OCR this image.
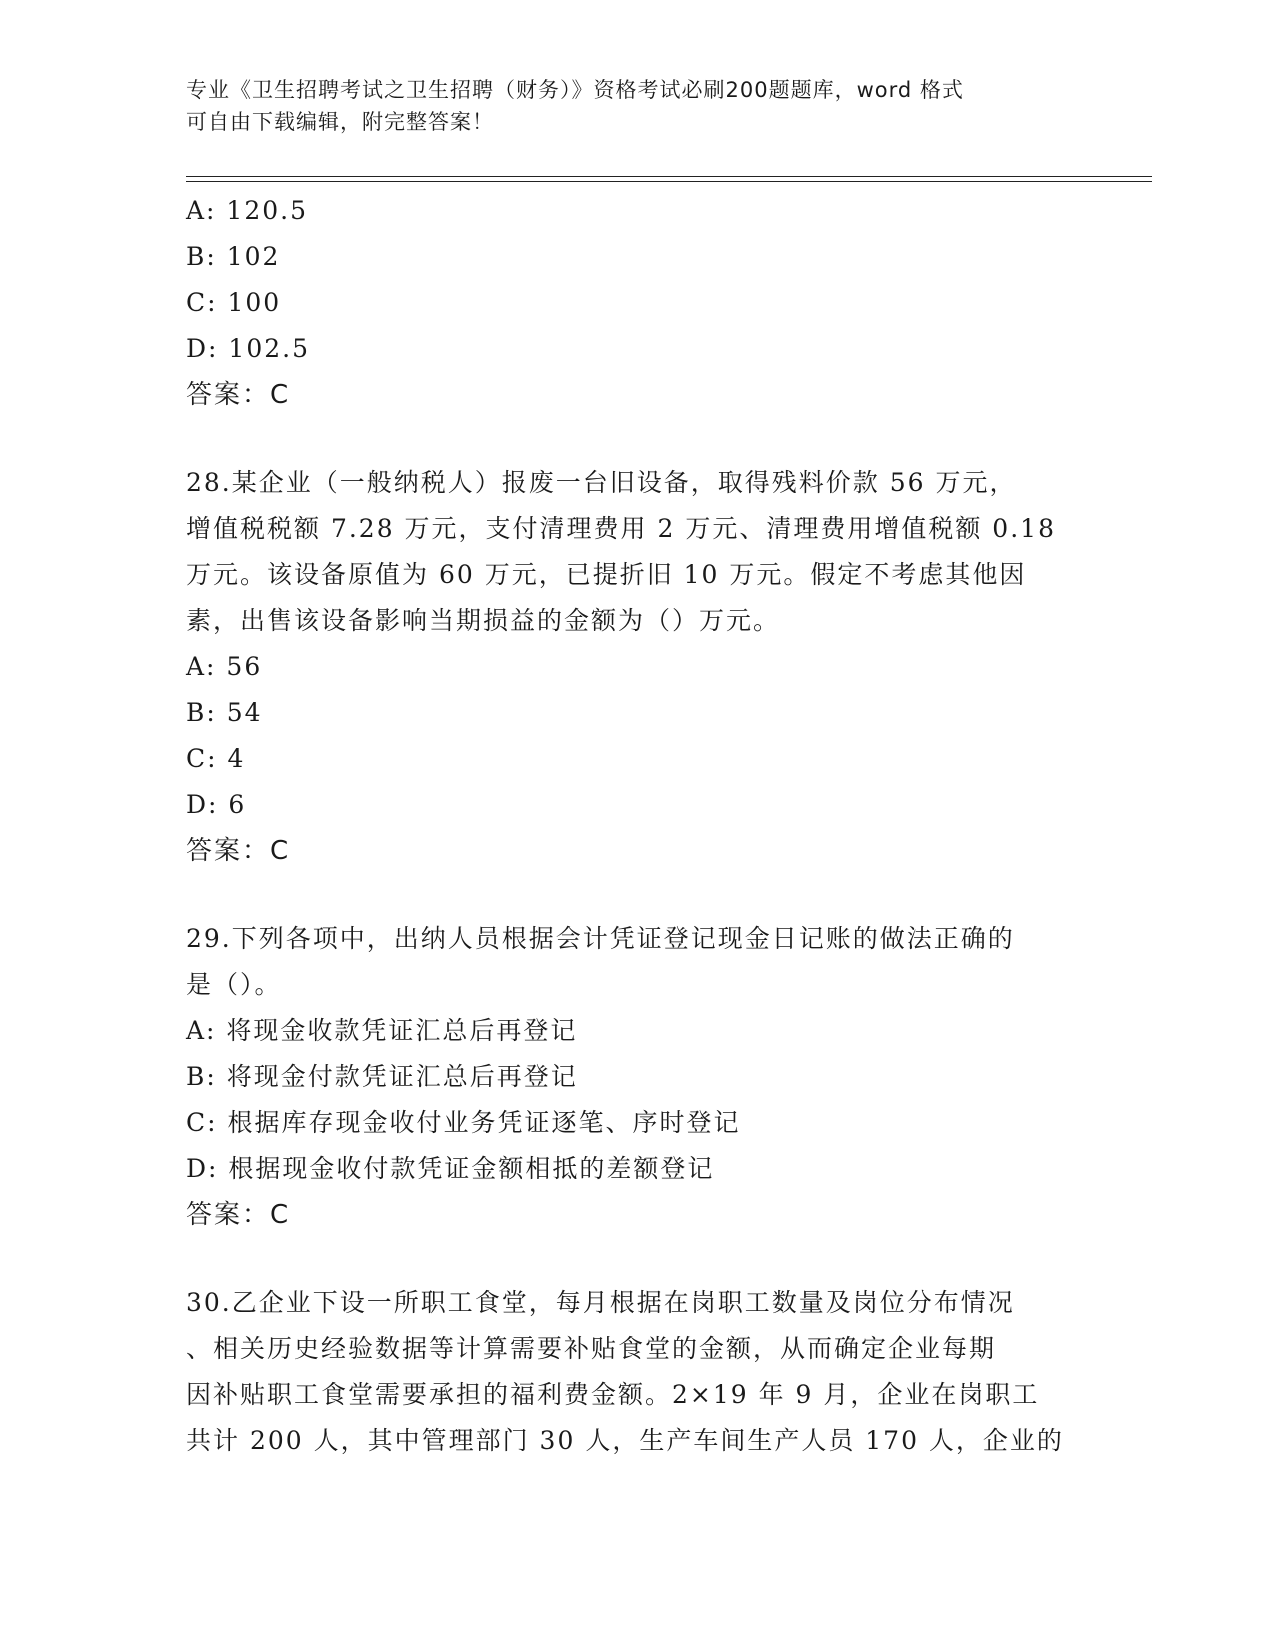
专业《卫生招聘考试之卫生招聘（财务）》资格考试必刷200题题库，word 格式
可自由下载编辑，附完整答案！
A: 120.5
B: 102
C: 100
D: 102.5
答案：C
28.某企业（一般纳税人）报废一台旧设备，取得残料价款 56 万元，
增值税税额 7.28 万元，支付清理费用 2 万元、清理费用增值税额 0.18
万元。该设备原值为 60 万元，已提折旧 10 万元。假定不考虑其他因
素，出售该设备影响当期损益的金额为（）万元。
A: 56
B: 54
C: 4
D: 6
答案：C
29.下列各项中，出纳人员根据会计凭证登记现金日记账的做法正确的
是（）。
A: 将现金收款凭证汇总后再登记
B: 将现金付款凭证汇总后再登记
C: 根据库存现金收付业务凭证逐笔、序时登记
D: 根据现金收付款凭证金额相抵的差额登记
答案：C
30.乙企业下设一所职工食堂，每月根据在岗职工数量及岗位分布情况
、相关历史经验数据等计算需要补贴食堂的金额，从而确定企业每期
因补贴职工食堂需要承担的福利费金额。2×19 年 9 月，企业在岗职工
共计 200 人，其中管理部门 30 人，生产车间生产人员 170 人，企业的
